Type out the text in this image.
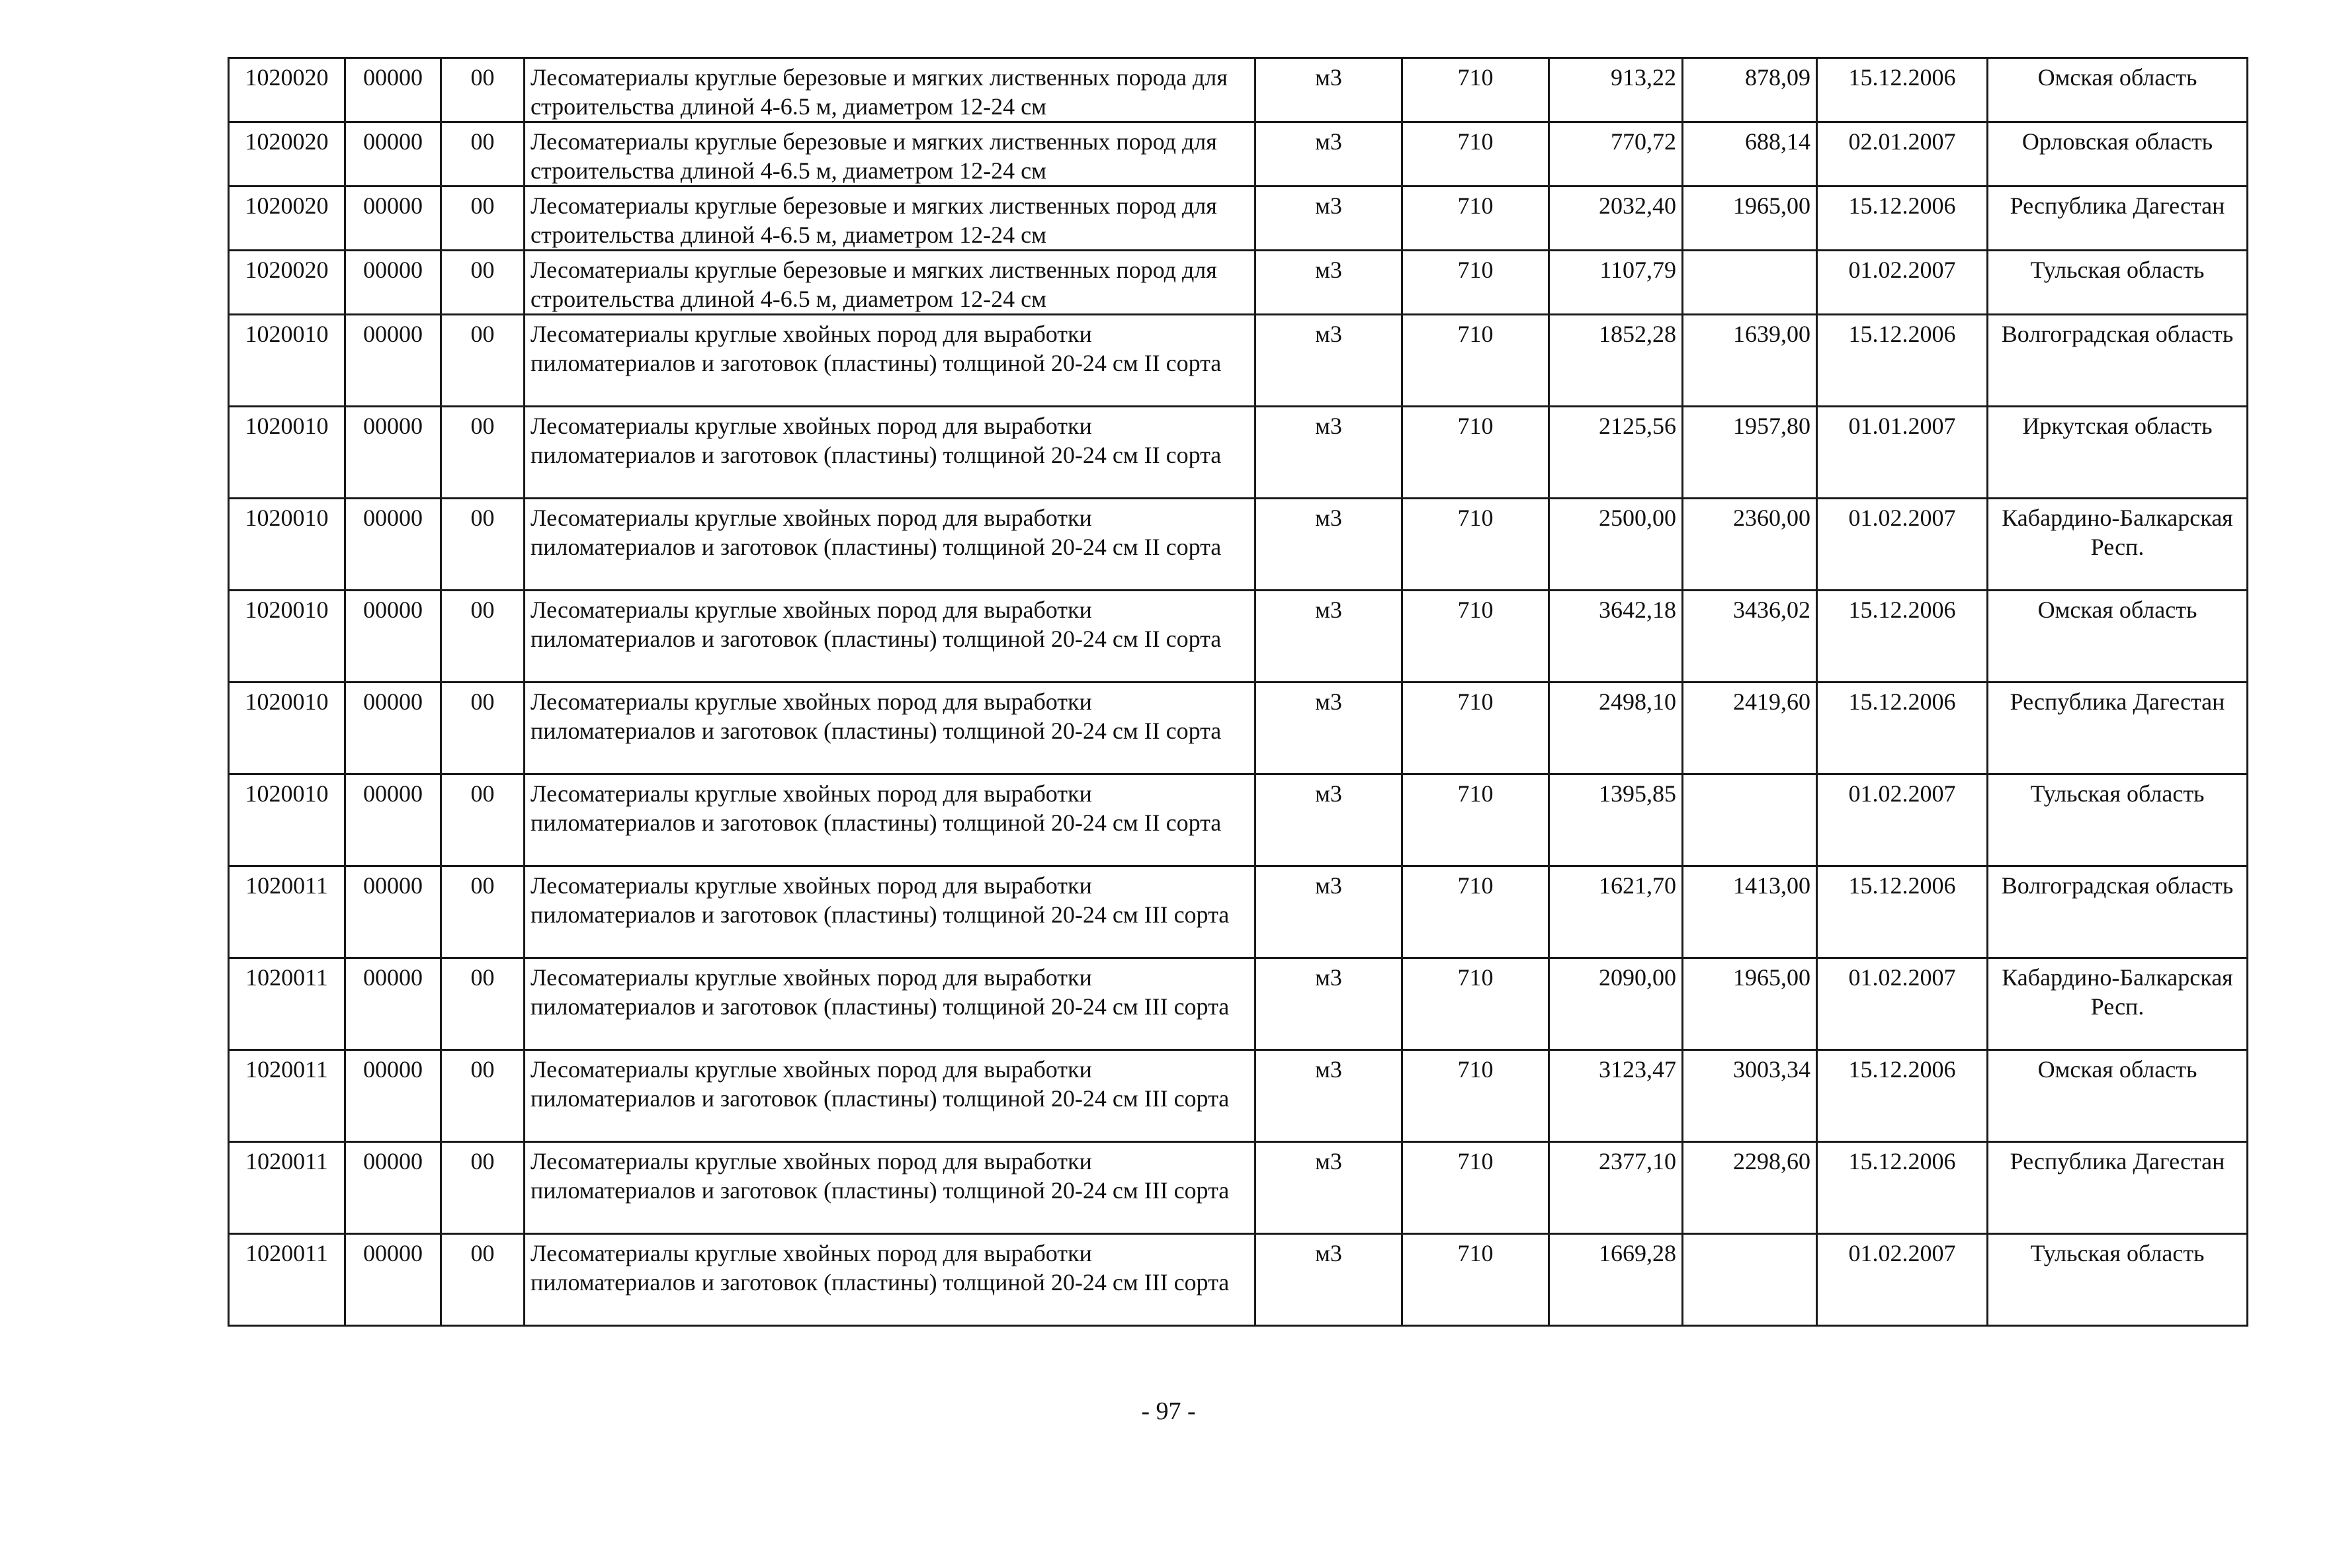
1020020	00000	00	Лесоматериалы круглые березовые и мягких лиственных порода для строительства длиной 4-6.5 м, диаметром 12-24 см	м3	710	913,22	878,09	15.12.2006	Омская область
1020020	00000	00	Лесоматериалы круглые березовые и мягких лиственных пород для строительства длиной 4-6.5 м, диаметром 12-24 см	м3	710	770,72	688,14	02.01.2007	Орловская область
1020020	00000	00	Лесоматериалы круглые березовые и мягких лиственных пород для строительства длиной 4-6.5 м, диаметром 12-24 см	м3	710	2032,40	1965,00	15.12.2006	Республика Дагестан
1020020	00000	00	Лесоматериалы круглые березовые и мягких лиственных пород для строительства длиной 4-6.5 м, диаметром 12-24 см	м3	710	1107,79		01.02.2007	Тульская область
1020010	00000	00	Лесоматериалы круглые хвойных пород для выработки пиломатериалов и заготовок (пластины) толщиной 20-24 см II сорта	м3	710	1852,28	1639,00	15.12.2006	Волгоградская область
1020010	00000	00	Лесоматериалы круглые хвойных пород для выработки пиломатериалов и заготовок (пластины) толщиной 20-24 см II сорта	м3	710	2125,56	1957,80	01.01.2007	Иркутская область
1020010	00000	00	Лесоматериалы круглые хвойных пород для выработки пиломатериалов и заготовок (пластины) толщиной 20-24 см II сорта	м3	710	2500,00	2360,00	01.02.2007	Кабардино-Балкарская Респ.
1020010	00000	00	Лесоматериалы круглые хвойных пород для выработки пиломатериалов и заготовок (пластины) толщиной 20-24 см II сорта	м3	710	3642,18	3436,02	15.12.2006	Омская область
1020010	00000	00	Лесоматериалы круглые хвойных пород для выработки пиломатериалов и заготовок (пластины) толщиной 20-24 см II сорта	м3	710	2498,10	2419,60	15.12.2006	Республика Дагестан
1020010	00000	00	Лесоматериалы круглые хвойных пород для выработки пиломатериалов и заготовок (пластины) толщиной 20-24 см II сорта	м3	710	1395,85		01.02.2007	Тульская область
1020011	00000	00	Лесоматериалы круглые хвойных пород для выработки пиломатериалов и заготовок (пластины) толщиной 20-24 см III сорта	м3	710	1621,70	1413,00	15.12.2006	Волгоградская область
1020011	00000	00	Лесоматериалы круглые хвойных пород для выработки пиломатериалов и заготовок (пластины) толщиной 20-24 см III сорта	м3	710	2090,00	1965,00	01.02.2007	Кабардино-Балкарская Респ.
1020011	00000	00	Лесоматериалы круглые хвойных пород для выработки пиломатериалов и заготовок (пластины) толщиной 20-24 см III сорта	м3	710	3123,47	3003,34	15.12.2006	Омская область
1020011	00000	00	Лесоматериалы круглые хвойных пород для выработки пиломатериалов и заготовок (пластины) толщиной 20-24 см III сорта	м3	710	2377,10	2298,60	15.12.2006	Республика Дагестан
1020011	00000	00	Лесоматериалы круглые хвойных пород для выработки пиломатериалов и заготовок (пластины) толщиной 20-24 см III сорта	м3	710	1669,28		01.02.2007	Тульская область
- 97 -
